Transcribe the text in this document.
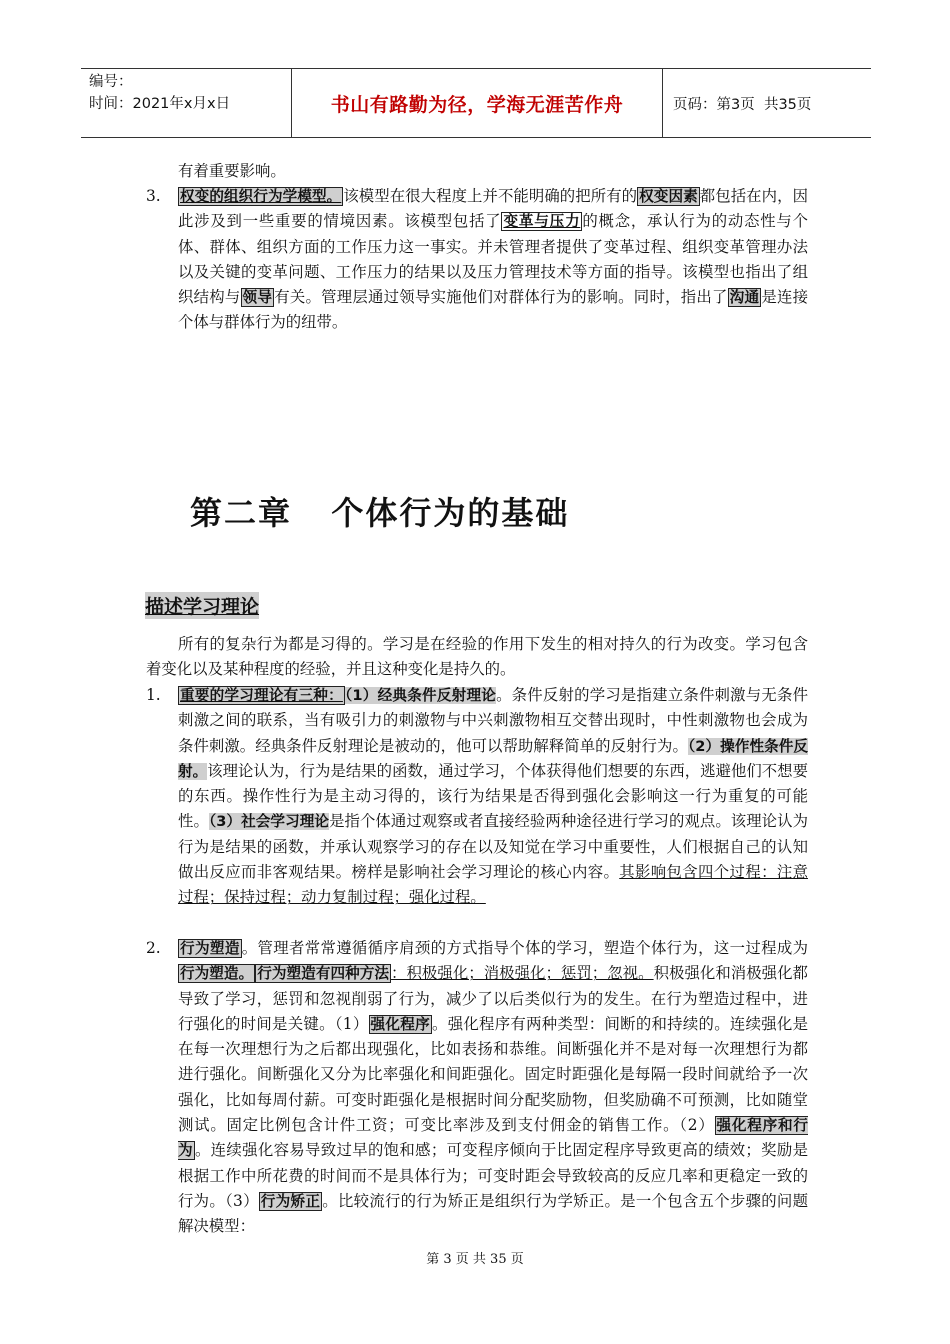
编号：
时间：2021年x月x日	书山有路勤为径，学海无涯苦作舟	页码：第3页  共35页
有着重要影响。
3. 权变的组织行为学模型。 该模型在很大程度上并不能明确的把所有的 权变因素 都包括在内，因此涉及到一些重要的情境因素。该模型包括了 变革与压力 的概念，承认行为的动态性与个体、群体、组织方面的工作压力这一事实。并未管理者提供了变革过程、组织变革管理办法以及关键的变革问题、工作压力的结果以及压力管理技术等方面的指导。该模型也指出了组织结构与 领导 有关。管理层通过领导实施他们对群体行为的影响。同时，指出了 沟通 是连接个体与群体行为的纽带。
第二章   个体行为的基础
描述学习理论
所有的复杂行为都是习得的。学习是在经验的作用下发生的相对持久的行为改变。学习包含着变化以及某种程度的经验，并且这种变化是持久的。
1. 重要的学习理论有三种： （1）经典条件反射理论。条件反射的学习是指建立条件刺激与无条件刺激之间的联系，当有吸引力的刺激物与中兴刺激物相互交替出现时，中性刺激物也会成为条件刺激。经典条件反射理论是被动的，他可以帮助解释简单的反射行为。（2）操作性条件反射。该理论认为，行为是结果的函数，通过学习，个体获得他们想要的东西，逃避他们不想要的东西。操作性行为是主动习得的，该行为结果是否得到强化会影响这一行为重复的可能性。（3）社会学习理论是指个体通过观察或者直接经验两种途径进行学习的观点。该理论认为行为是结果的函数，并承认观察学习的存在以及知觉在学习中重要性，人们根据自己的认知做出反应而非客观结果。榜样是影响社会学习理论的核心内容。其影响包含四个过程：注意过程；保持过程；动力复制过程；强化过程。
2. 行为塑造 。管理者常常遵循循序肩颈的方式指导个体的学习，塑造个体行为，这一过程成为行为塑造。 行为塑造有四种方法 ：积极强化；消极强化；惩罚；忽视。积极强化和消极强化都导致了学习，惩罚和忽视削弱了行为，减少了以后类似行为的发生。在行为塑造过程中，进行强化的时间是关键。（1） 强化程序 。强化程序有两种类型：间断的和持续的。连续强化是在每一次理想行为之后都出现强化，比如表扬和恭维。间断强化并不是对每一次理想行为都进行强化。间断强化又分为比率强化和间距强化。固定时距强化是每隔一段时间就给予一次强化，比如每周付薪。可变时距强化是根据时间分配奖励物，但奖励确不可预测，比如随堂测试。固定比例包含计件工资；可变比率涉及到支付佣金的销售工作。（2） 强化程序和行为 。连续强化容易导致过早的饱和感；可变程序倾向于比固定程序导致更高的绩效；奖励是根据工作中所花费的时间而不是具体行为；可变时距会导致较高的反应几率和更稳定一致的行为。（3） 行为矫正 。比较流行的行为矫正是组织行为学矫正。是一个包含五个步骤的问题解决模型：
第 3 页 共 35 页
